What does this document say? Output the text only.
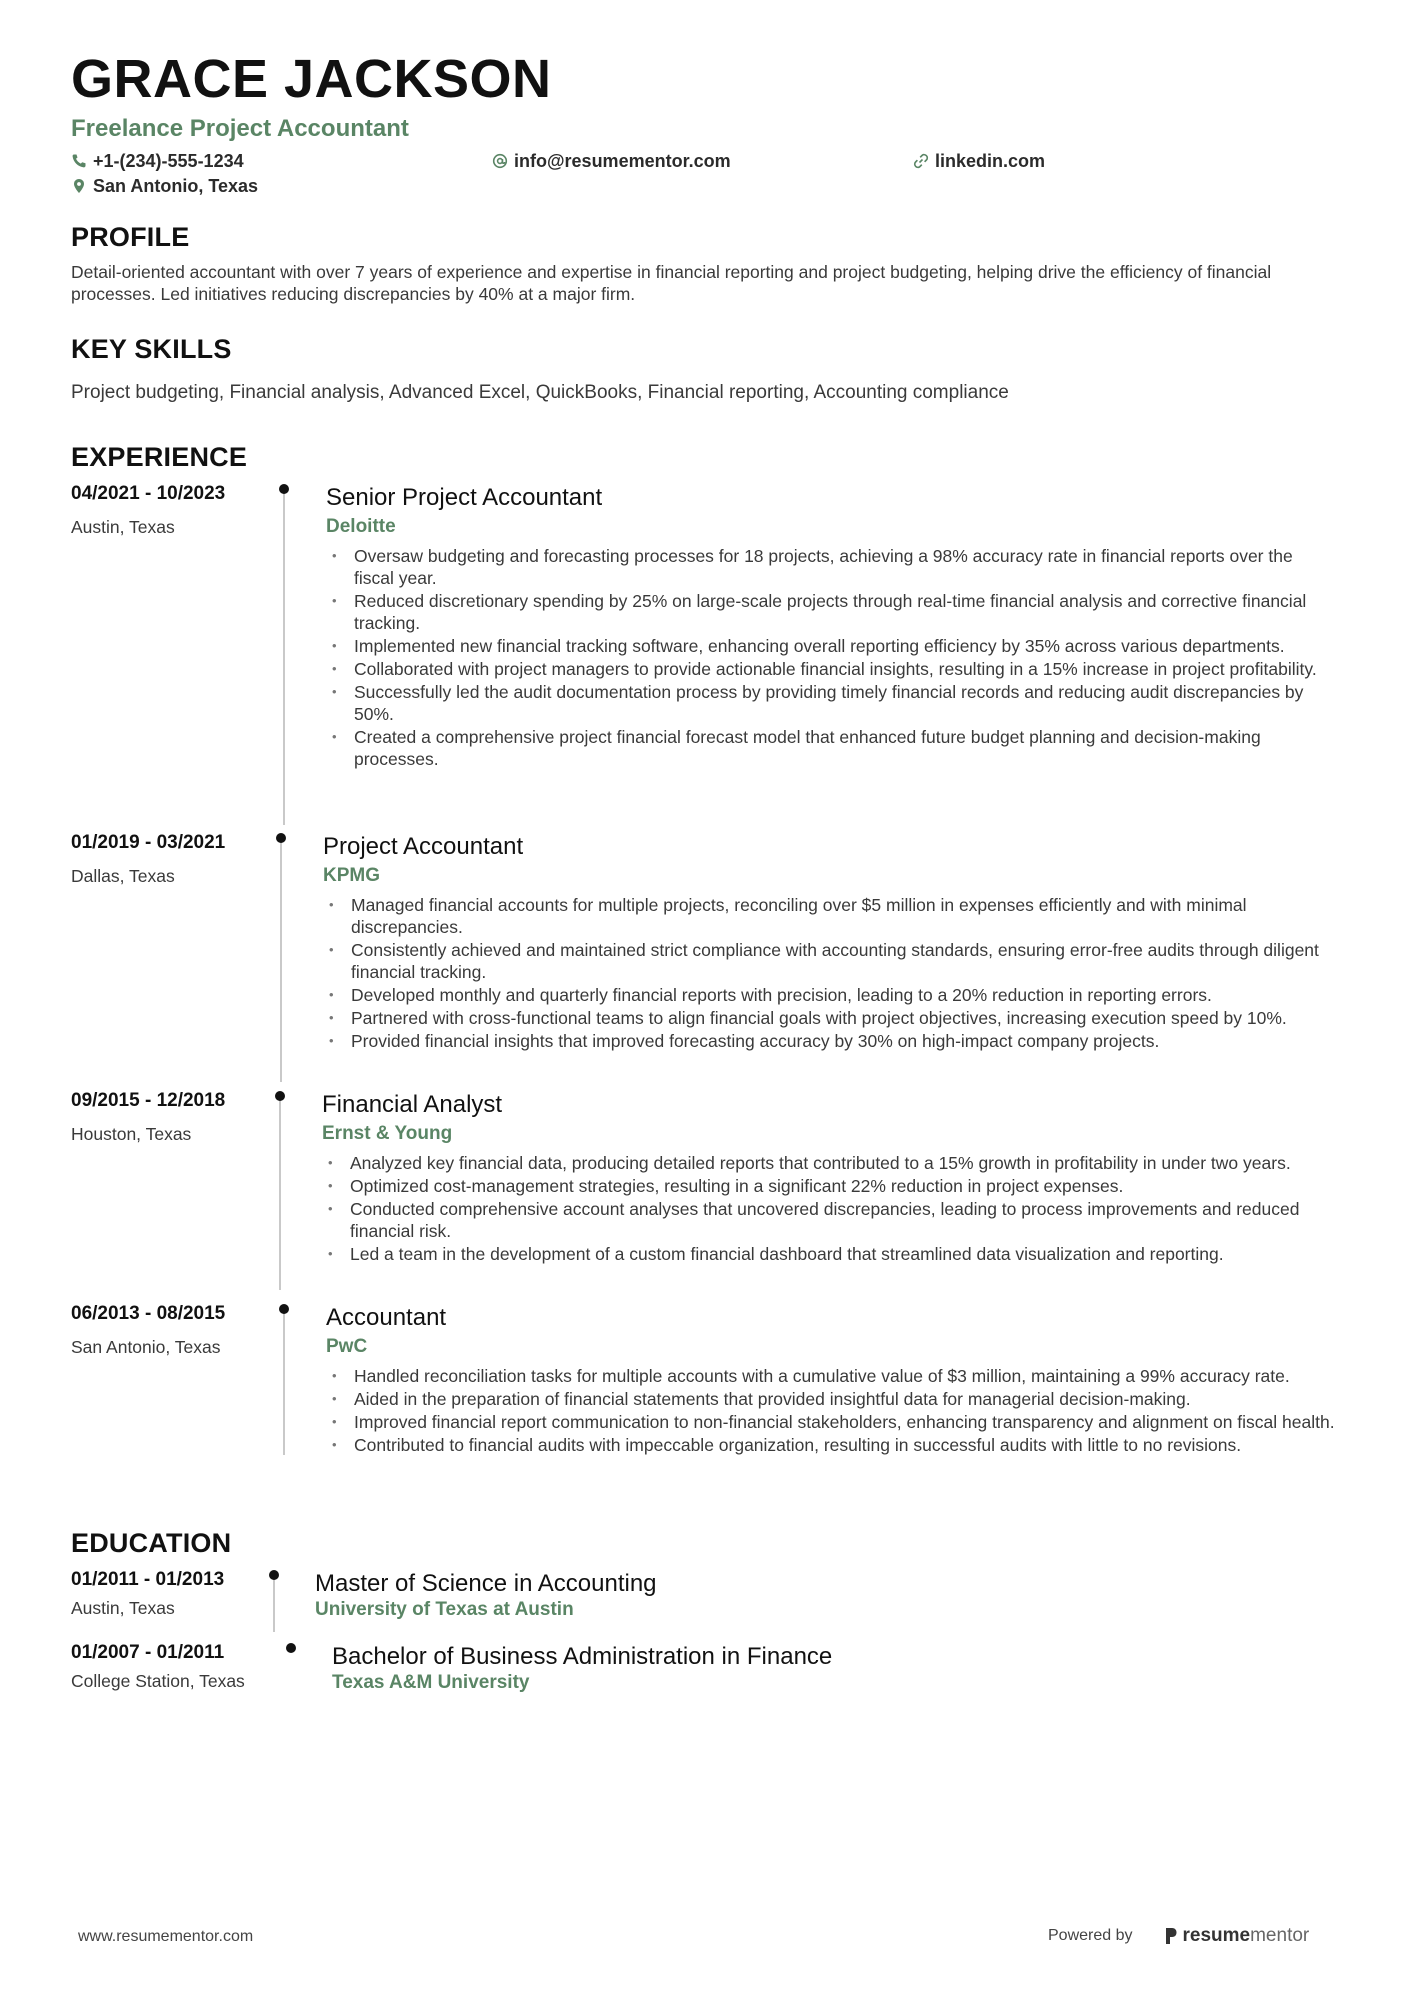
GRACE JACKSON
Freelance Project Accountant
+1-(234)-555-1234	info@resumementor.com	linkedin.com
San Antonio, Texas
PROFILE
Detail-oriented accountant with over 7 years of experience and expertise in financial reporting and project budgeting, helping drive the efficiency of financial processes. Led initiatives reducing discrepancies by 40% at a major firm.
KEY SKILLS
Project budgeting, Financial analysis, Advanced Excel, QuickBooks, Financial reporting, Accounting compliance
EXPERIENCE
04/2021 - 10/2023
Austin, Texas
Senior Project Accountant
Deloitte
• Oversaw budgeting and forecasting processes for 18 projects, achieving a 98% accuracy rate in financial reports over the fiscal year.
• Reduced discretionary spending by 25% on large-scale projects through real-time financial analysis and corrective financial tracking.
• Implemented new financial tracking software, enhancing overall reporting efficiency by 35% across various departments.
• Collaborated with project managers to provide actionable financial insights, resulting in a 15% increase in project profitability.
• Successfully led the audit documentation process by providing timely financial records and reducing audit discrepancies by 50%.
• Created a comprehensive project financial forecast model that enhanced future budget planning and decision-making processes.
01/2019 - 03/2021
Dallas, Texas
Project Accountant
KPMG
• Managed financial accounts for multiple projects, reconciling over $5 million in expenses efficiently and with minimal discrepancies.
• Consistently achieved and maintained strict compliance with accounting standards, ensuring error-free audits through diligent financial tracking.
• Developed monthly and quarterly financial reports with precision, leading to a 20% reduction in reporting errors.
• Partnered with cross-functional teams to align financial goals with project objectives, increasing execution speed by 10%.
• Provided financial insights that improved forecasting accuracy by 30% on high-impact company projects.
09/2015 - 12/2018
Houston, Texas
Financial Analyst
Ernst & Young
• Analyzed key financial data, producing detailed reports that contributed to a 15% growth in profitability in under two years.
• Optimized cost-management strategies, resulting in a significant 22% reduction in project expenses.
• Conducted comprehensive account analyses that uncovered discrepancies, leading to process improvements and reduced financial risk.
• Led a team in the development of a custom financial dashboard that streamlined data visualization and reporting.
06/2013 - 08/2015
San Antonio, Texas
Accountant
PwC
• Handled reconciliation tasks for multiple accounts with a cumulative value of $3 million, maintaining a 99% accuracy rate.
• Aided in the preparation of financial statements that provided insightful data for managerial decision-making.
• Improved financial report communication to non-financial stakeholders, enhancing transparency and alignment on fiscal health.
• Contributed to financial audits with impeccable organization, resulting in successful audits with little to no revisions.
EDUCATION
01/2011 - 01/2013
Austin, Texas
Master of Science in Accounting
University of Texas at Austin
01/2007 - 01/2011
College Station, Texas
Bachelor of Business Administration in Finance
Texas A&M University
www.resumementor.com	Powered by	resume mentor
